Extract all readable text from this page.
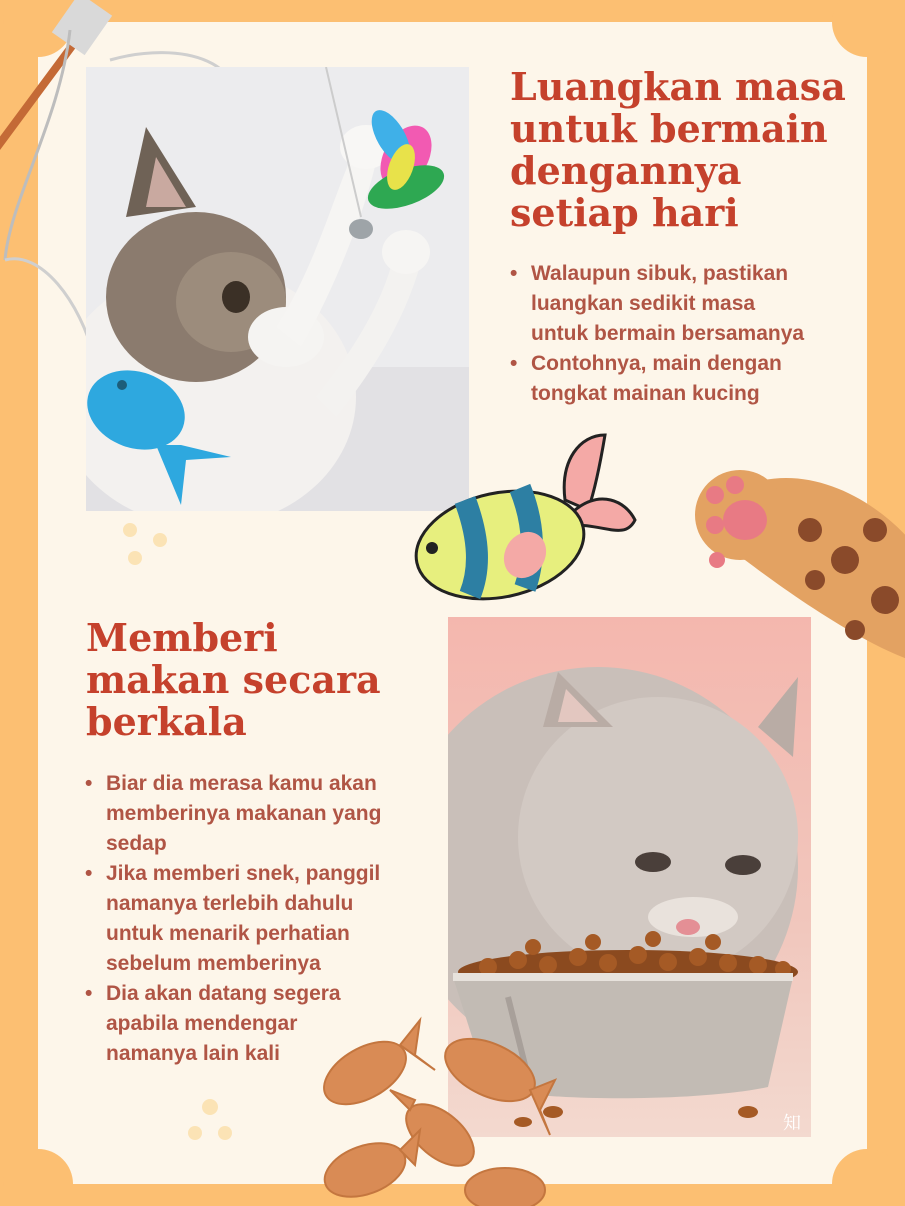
Luangkan masa
untuk bermain
dengannya
setiap hari
• Walaupun sibuk, pastikan
luangkan sedikit masa
untuk bermain bersamanya
• Contohnya, main dengan
tongkat mainan kucing
Memberi
makan secara
berkala
• Biar dia merasa kamu akan
memberinya makanan yang
sedap
• Jika memberi snek, panggil
namanya terlebih dahulu
untuk menarik perhatian
sebelum memberinya
• Dia akan datang segera
apabila mendengar
namanya lain kali
知
